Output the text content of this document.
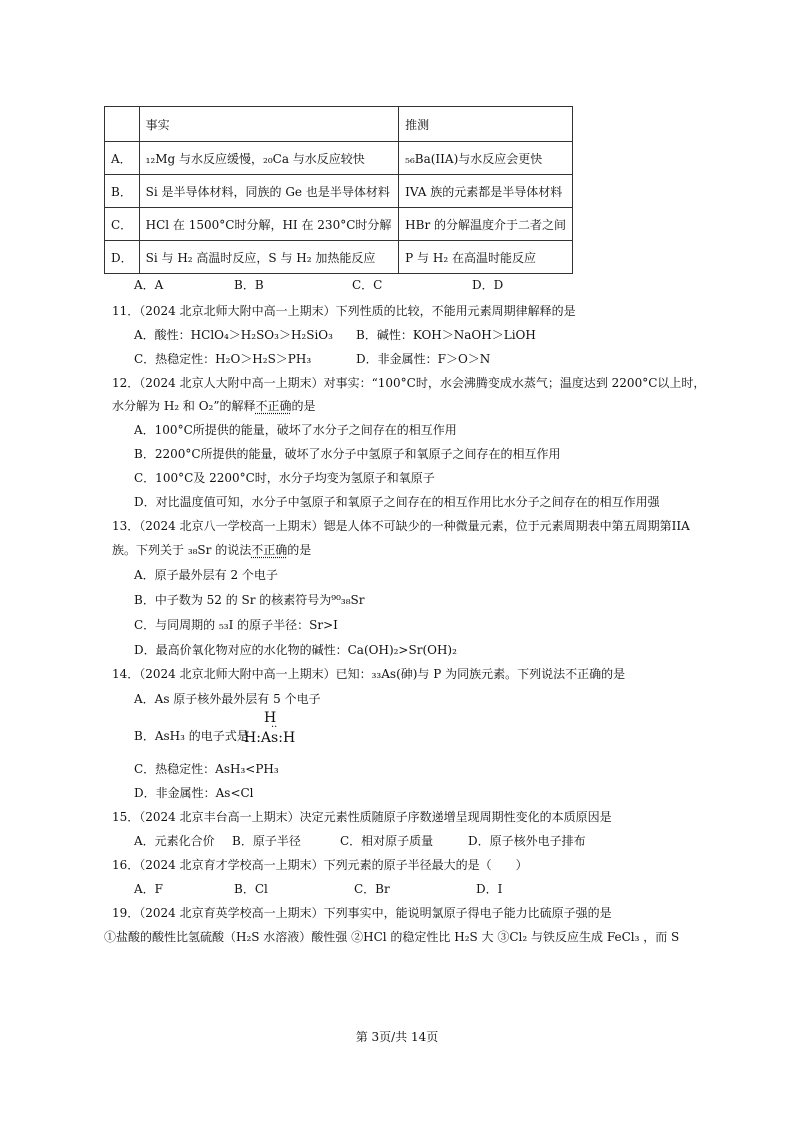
	事实	推测
A．	₁₂Mg 与水反应缓慢，₂₀Ca 与水反应较快	₅₆Ba(IIA)与水反应会更快
B．	Si 是半导体材料，同族的 Ge 也是半导体材料	IVA 族的元素都是半导体材料
C．	HCl 在 1500°C时分解，HI 在 230°C时分解	HBr 的分解温度介于二者之间
D．	Si 与 H₂ 高温时反应，S 与 H₂ 加热能反应	P 与 H₂ 在高温时能反应
A．A	B．B	C．C	D．D
11．（2024 北京北师大附中高一上期末）下列性质的比较，不能用元素周期律解释的是
A．酸性：HClO₄＞H₂SO₃＞H₂SiO₃ B．碱性：KOH＞NaOH＞LiOH
C．热稳定性：H₂O＞H₂S＞PH₃	D．非金属性：F＞O＞N
12．（2024 北京人大附中高一上期末）对事实：“100°C时，水会沸腾变成水蒸气；温度达到 2200°C以上时，
水分解为 H₂ 和 O₂”的解释不正确的是
A．100°C所提供的能量，破坏了水分子之间存在的相互作用
B．2200°C所提供的能量，破坏了水分子中氢原子和氧原子之间存在的相互作用
C．100°C及 2200°C时，水分子均变为氢原子和氧原子
D．对比温度值可知，水分子中氢原子和氧原子之间存在的相互作用比水分子之间存在的相互作用强
13．（2024 北京八一学校高一上期末）锶是人体不可缺少的一种微量元素，位于元素周期表中第五周期第IIA
族。下列关于 ₃₈Sr 的说法不正确的是
A．原子最外层有 2 个电子
B．中子数为 52 的 Sr 的核素符号为⁹⁰₃₈Sr
C．与同周期的 ₅₃I 的原子半径：Sr>I
D．最高价氧化物对应的水化物的碱性：Ca(OH)₂>Sr(OH)₂
14．（2024 北京北师大附中高一上期末）已知：₃₃As(砷)与 P 为同族元素。下列说法不正确的是
A．As 原子核外最外层有 5 个电子
B．AsH₃ 的电子式是
H
··
H:As:H
C．热稳定性：AsH₃<PH₃
D．非金属性：As<Cl
15．（2024 北京丰台高一上期末）决定元素性质随原子序数递增呈现周期性变化的本质原因是
A．元素化合价 B．原子半径	C．相对原子质量	D．原子核外电子排布
16．（2024 北京育才学校高一上期末）下列元素的原子半径最大的是（　　）
A．F	B．Cl	C．Br	D．I
19．（2024 北京育英学校高一上期末）下列事实中，能说明氯原子得电子能力比硫原子强的是
①盐酸的酸性比氢硫酸（H₂S 水溶液）酸性强 ②HCl 的稳定性比 H₂S 大 ③Cl₂ 与铁反应生成 FeCl₃ ，而 S
第 3页/共 14页
